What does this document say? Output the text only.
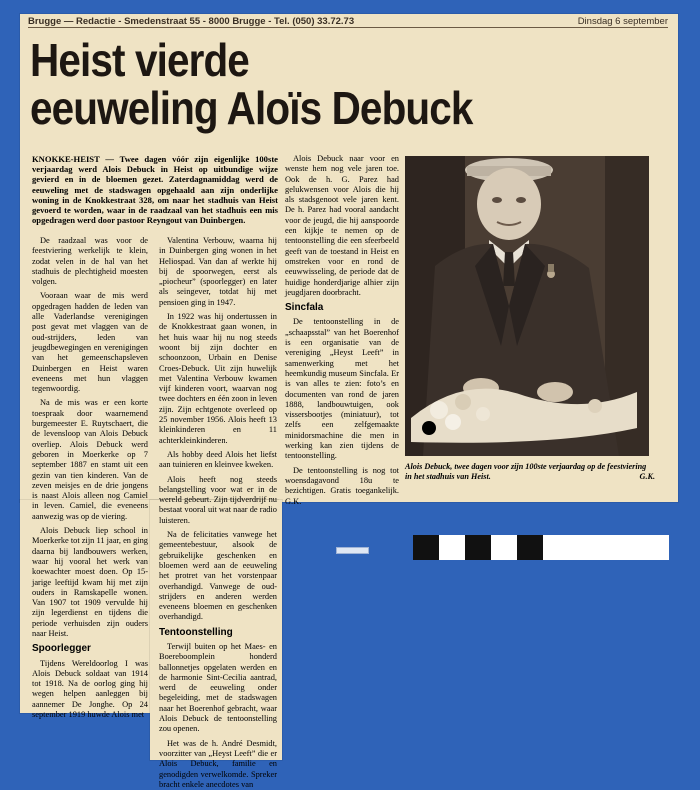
Brugge — Redactie - Smedenstraat 55 - 8000 Brugge - Tel. (050) 33.72.73	Dinsdag 6 september
Heist vierde
eeuweling Aloïs Debuck
KNOKKE-HEIST — Twee dagen vóór zijn eigenlijke 100ste verjaardag werd Alois Debuck in Heist op uitbundige wijze gevierd en in de bloemen gezet. Zaterdagnamiddag werd de eeuweling met de stadswagen opgehaald aan zijn onderlijke woning in de Knokkestraat 328, om naar het stadhuis van Heist gevoerd te worden, waar in de raadzaal van het stadhuis een mis opgedragen werd door pastoor Reyngout van Duinbergen.

De raadzaal was voor de feestviering werkelijk te klein, zodat velen in de hal van het stadhuis de plechtigheid moesten volgen.

Vooraan waar de mis werd opgedragen hadden de leden van alle Vaderlandse verenigingen post gevat met vlaggen van de oud-strijders, leden van jeugdbewegingen en verenigingen van het gemeenschapsleven Duinbergen en Heist waren eveneens met hun vlaggen tegenwoordig.

Na de mis was er een korte toespraak door waarnemend burgemeester E. Ruytschaert, die de levensloop van Alois Debuck overliep. Alois Debuck werd geboren in Moerkerke op 7 september 1887 en stamt uit een gezin van tien kinderen. Van de zeven meisjes en de drie jongens is naast Alois alleen nog Camiel in leven. Camiel, die eveneens aanwezig was op de viering.

Alois Debuck liep school in Moerkerke tot zijn 11 jaar, en ging daarna bij landbouwers werken, waar hij vooral het werk van koewachter moest doen. Op 15-jarige leeftijd kwam hij met zijn ouders in Ramskapelle wonen. Van 1907 tot 1909 vervulde hij zijn legerdienst en tijdens die periode verhuisden zijn ouders naar Heist.

Spoorlegger

Tijdens Wereldoorlog I was Alois Debuck soldaat van 1914 tot 1918. Na de oorlog ging hij wegen helpen aanleggen bij aannemer De Jonghe. Op 24 september 1919 huwde Alois met

Valentina Verbouw, waarna hij in Duinbergen ging wonen in het Heliospad. Van dan af werkte hij bij de spoorwegen, eerst als „piocheur” (spoorlegger) en later als seingever, totdat hij met pensioen ging in 1947.

In 1922 was hij ondertussen in de Knokkestraat gaan wonen, in het huis waar hij nu nog steeds woont bij zijn dochter en schoonzoon, Urbain en Denise Croes-Debuck. Uit zijn huwelijk met Valentina Verbouw kwamen vijf kinderen voort, waarvan nog twee dochters en één zoon in leven zijn. Zijn echtgenote overleed op 25 november 1956. Alois heeft 13 kleinkinderen en 11 achterkleinkinderen.

Als hobby deed Alois het liefst aan tuinieren en kleinvee kweken.

Alois heeft nog steeds belangstelling voor wat er in de wereld gebeurt. Zijn tijdverdrijf nu bestaat vooral uit wat naar de radio luisteren.

Na de felicitaties vanwege het gemeentebestuur, alsook de gebruikelijke geschenken en bloemen werd aan de eeuweling het protret van het vorstenpaar overhandigd. Vanwege de oud-strijders en anderen werden eveneens bloemen en geschenken overhandigd.

Tentoonstelling

Terwijl buiten op het Maes- en Boereboomplein honderd ballonnetjes opgelaten werden en de harmonie Sint-Cecilia aantrad, werd de eeuweling onder begeleiding, met de stadswagen naar het Boerenhof gebracht, waar Alois Debuck de tentoonstelling zou openen.

Het was de h. André Desmidt, voorzitter van „Heyst Leeft” die er Alois Debuck, familie en genodigden verwelkomde. Spreker bracht enkele anecdotes van

Alois Debuck naar voor en wenste hem nog vele jaren toe. Ook de h. G. Parez had gelukwensen voor Alois die hij als stadsgenoot vele jaren kent. De h. Parez had vooral aandacht voor de jeugd, die hij aanspoorde een kijkje te nemen op de tentoonstelling die een sfeerbeeld geeft van de toestand in Heist en omstreken voor en rond de eeuwwisseling, de periode dat de huidige honderdjarige alhier zijn jeugdjaren doorbracht.

Sincfala

De tentoonstelling in de „schaapsstal” van het Boerenhof is een organisatie van de vereniging „Heyst Leeft” in samenwerking met het heemkundig museum Sincfala. Er is van alles te zien: foto’s en documenten van rond de jaren 1888, landbouwtuigen, ook vissersbootjes (miniatuur), tot zelfs een zelfgemaakte minidorsmachine die men in werking kan zien tijdens de tentoonstelling.

De tentoonstelling is nog tot woensdagavond 18u te bezichtigen. Gratis toegankelijk. G.K.

Alois Debuck, twee dagen voor zijn 100ste verjaardag op de feestviering in het stadhuis van Heist.	G.K.
